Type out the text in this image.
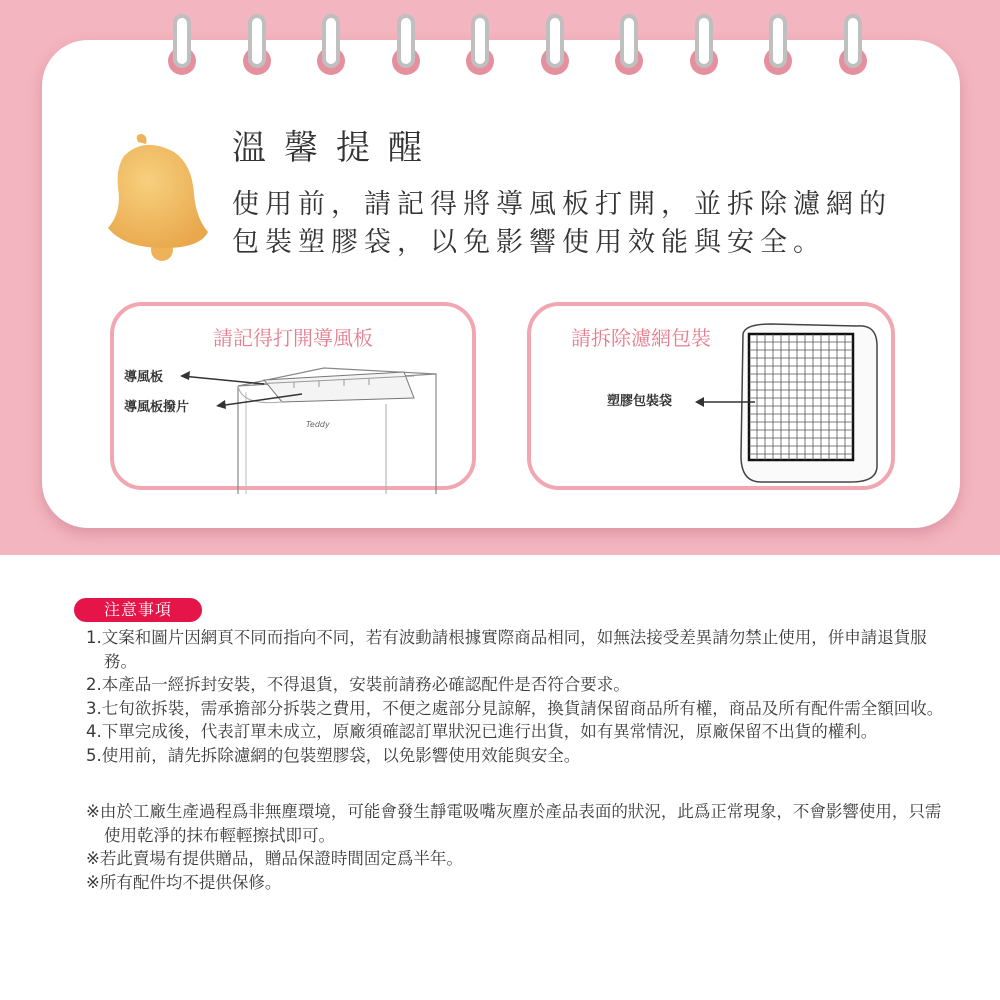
溫馨提醒
使用前，請記得將導風板打開，並拆除濾網的包裝塑膠袋，以免影響使用效能與安全。
請記得打開導風板
導風板
導風板撥片
Teddy
請拆除濾網包裝
塑膠包裝袋
注意事項

1.文案和圖片因網頁不同而指向不同，若有波動請根據實際商品相同，如無法接受差異請勿禁止使用，併申請退貨服務。

2.本產品一經拆封安裝，不得退貨，安裝前請務必確認配件是否符合要求。

3.七旬欲拆裝，需承擔部分拆裝之費用，不便之處部分見諒解，換貨請保留商品所有權，商品及所有配件需全額回收。

4.下單完成後，代表訂單未成立，原廠須確認訂單狀況已進行出貨，如有異常情況，原廠保留不出貨的權利。

5.使用前，請先拆除濾網的包裝塑膠袋，以免影響使用效能與安全。

※由於工廠生產過程爲非無塵環境，可能會發生靜電吸嘴灰塵於產品表面的狀況，此爲正常現象，不會影響使用，只需使用乾淨的抹布輕輕擦拭即可。

※若此賣場有提供贈品，贈品保證時間固定爲半年。

※所有配件均不提供保修。
